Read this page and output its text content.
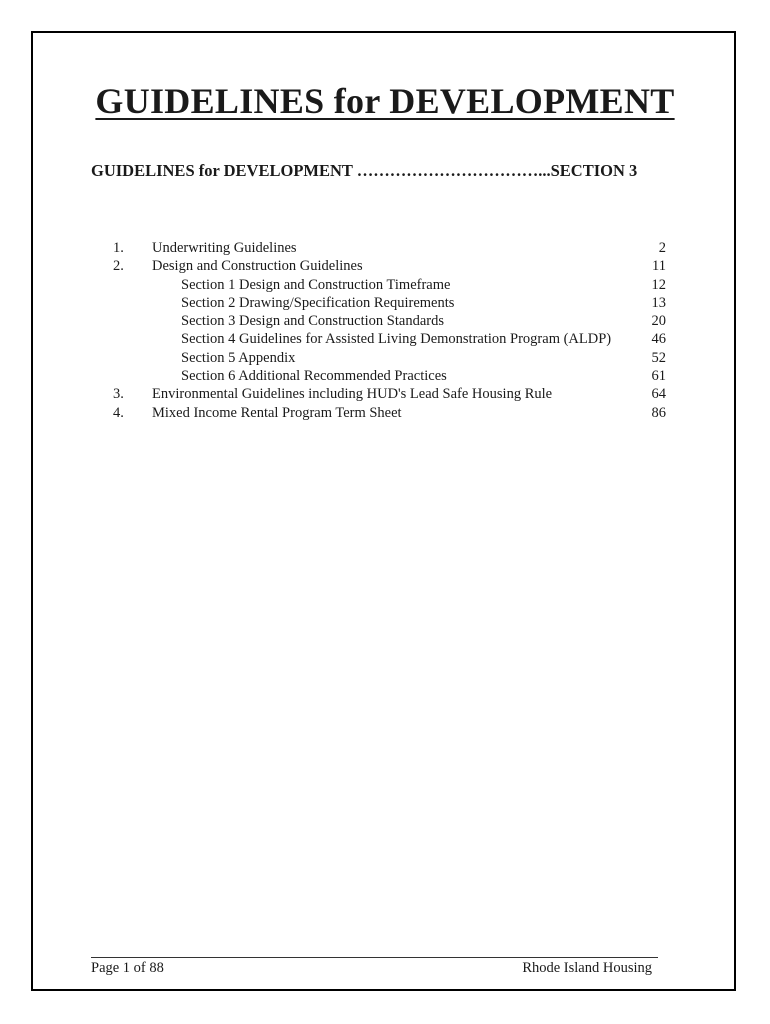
GUIDELINES for DEVELOPMENT
GUIDELINES for DEVELOPMENT ……………………………...SECTION 3
1. Underwriting Guidelines	2
2. Design and Construction Guidelines	11
Section 1 Design and Construction Timeframe	12
Section 2 Drawing/Specification Requirements	13
Section 3 Design and Construction Standards	20
Section 4 Guidelines for Assisted Living Demonstration Program (ALDP)	46
Section 5 Appendix	52
Section 6 Additional Recommended Practices	61
3. Environmental Guidelines including HUD's Lead Safe Housing Rule	64
4. Mixed Income Rental Program Term Sheet	86
Page 1 of 88	Rhode Island Housing
